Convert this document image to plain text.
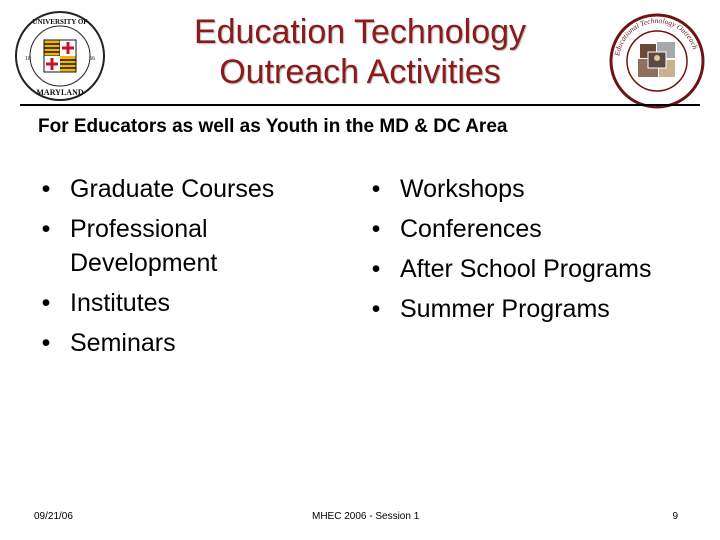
UNIVERSITY OF
MARYLAND
18	56
Education Technology
Outreach Activities	Educational Technology Outreach
For Educators as well as Youth in the MD & DC Area
• Graduate Courses
• Professional Development
• Institutes
• Seminars
• Workshops
• Conferences
• After School Programs
• Summer Programs
09/21/06	MHEC 2006 - Session 1	9
